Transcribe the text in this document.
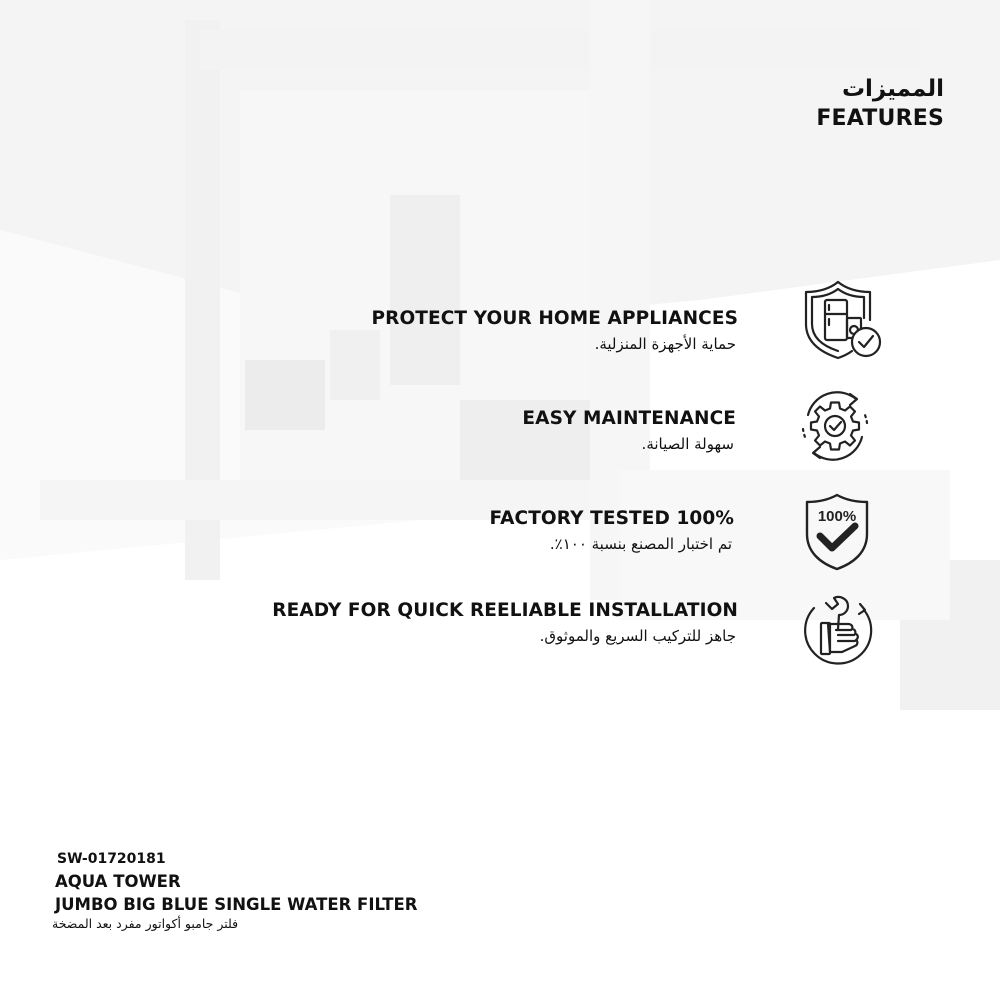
المميزات
FEATURES
PROTECT YOUR HOME APPLIANCES
حماية الأجهزة المنزلية.
EASY MAINTENANCE
سهولة الصيانة.
FACTORY TESTED 100%
تم اختبار المصنع بنسبة ١٠٠٪.
100%
READY FOR QUICK REELIABLE INSTALLATION
جاهز للتركيب السريع والموثوق.
SW-01720181
AQUA TOWER
JUMBO BIG BLUE SINGLE WATER FILTER
فلتر جامبو أكواتور مفرد بعد المضخة
